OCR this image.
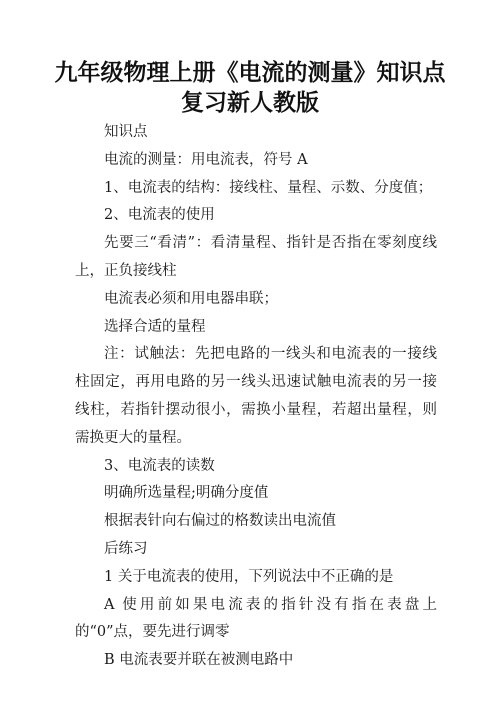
九年级物理上册《电流的测量》知识点
复习新人教版

知识点

电流的测量：用电流表，符号 A

1、电流表的结构：接线柱、量程、示数、分度值；

2、电流表的使用

先要三“看清”：看清量程、指针是否指在零刻度线上，正负接线柱

电流表必须和用电器串联；

选择合适的量程

注：试触法：先把电路的一线头和电流表的一接线柱固定，再用电路的另一线头迅速试触电流表的另一接线柱，若指针摆动很小，需换小量程，若超出量程，则需换更大的量程。

3、电流表的读数

明确所选量程;明确分度值

根据表针向右偏过的格数读出电流值

后练习

1 关于电流表的使用，下列说法中不正确的是

A 使用前如果电流表的指针没有指在表盘上的“0”点，要先进行调零

B 电流表要并联在被测电路中
